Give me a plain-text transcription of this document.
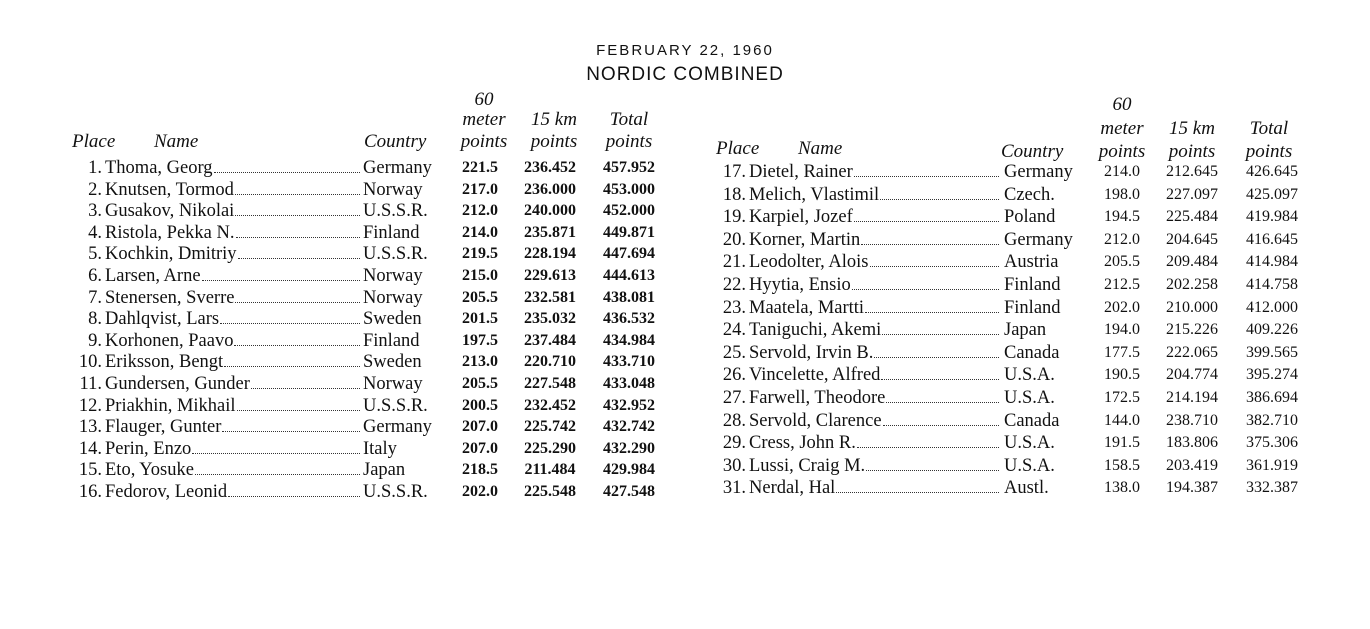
FEBRUARY 22, 1960
NORDIC COMBINED
Place Name	Country
60
meter
points
15 km
points
Total
points
1. Thoma, Georg	Germany	221.5	236.452	457.952
2. Knutsen, Tormod	Norway	217.0	236.000	453.000
3. Gusakov, Nikolai	U.S.S.R.	212.0	240.000	452.000
4. Ristola, Pekka N.	Finland	214.0	235.871	449.871
5. Kochkin, Dmitriy	U.S.S.R.	219.5	228.194	447.694
6. Larsen, Arne	Norway	215.0	229.613	444.613
7. Stenersen, Sverre	Norway	205.5	232.581	438.081
8. Dahlqvist, Lars	Sweden	201.5	235.032	436.532
9. Korhonen, Paavo	Finland	197.5	237.484	434.984
10. Eriksson, Bengt	Sweden	213.0	220.710	433.710
11. Gundersen, Gunder	Norway	205.5	227.548	433.048
12. Priakhin, Mikhail	U.S.S.R.	200.5	232.452	432.952
13. Flauger, Gunter	Germany	207.0	225.742	432.742
14. Perin, Enzo	Italy	207.0	225.290	432.290
15. Eto, Yosuke	Japan	218.5	211.484	429.984
16. Fedorov, Leonid	U.S.S.R.	202.0	225.548	427.548
Place Name	Country
60
meter
points
15 km
points
Total
points
17. Dietel, Rainer	Germany	214.0	212.645	426.645
18. Melich, Vlastimil	Czech.	198.0	227.097	425.097
19. Karpiel, Jozef	Poland	194.5	225.484	419.984
20. Korner, Martin	Germany	212.0	204.645	416.645
21. Leodolter, Alois	Austria	205.5	209.484	414.984
22. Hyytia, Ensio	Finland	212.5	202.258	414.758
23. Maatela, Martti	Finland	202.0	210.000	412.000
24. Taniguchi, Akemi	Japan	194.0	215.226	409.226
25. Servold, Irvin B.	Canada	177.5	222.065	399.565
26. Vincelette, Alfred	U.S.A.	190.5	204.774	395.274
27. Farwell, Theodore	U.S.A.	172.5	214.194	386.694
28. Servold, Clarence	Canada	144.0	238.710	382.710
29. Cress, John R.	U.S.A.	191.5	183.806	375.306
30. Lussi, Craig M.	U.S.A.	158.5	203.419	361.919
31. Nerdal, Hal	Austl.	138.0	194.387	332.387
